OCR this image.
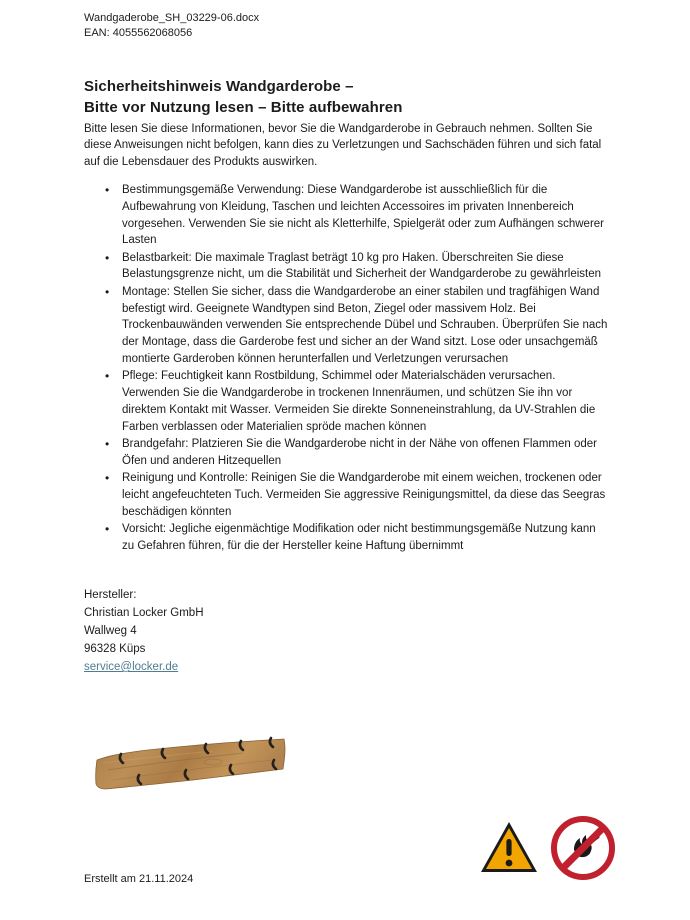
Wandgaderobe_SH_03229-06.docx
EAN: 4055562068056
Sicherheitshinweis Wandgarderobe –
Bitte vor Nutzung lesen – Bitte aufbewahren

Bitte lesen Sie diese Informationen, bevor Sie die Wandgarderobe in Gebrauch nehmen. Sollten Sie diese Anweisungen nicht befolgen, kann dies zu Verletzungen und Sachschäden führen und sich fatal auf die Lebensdauer des Produkts auswirken.

• Bestimmungsgemäße Verwendung: Diese Wandgarderobe ist ausschließlich für die Aufbewahrung von Kleidung, Taschen und leichten Accessoires im privaten Innenbereich vorgesehen. Verwenden Sie sie nicht als Kletterhilfe, Spielgerät oder zum Aufhängen schwerer Lasten
• Belastbarkeit: Die maximale Traglast beträgt 10 kg pro Haken. Überschreiten Sie diese Belastungsgrenze nicht, um die Stabilität und Sicherheit der Wandgarderobe zu gewährleisten
• Montage: Stellen Sie sicher, dass die Wandgarderobe an einer stabilen und tragfähigen Wand befestigt wird. Geeignete Wandtypen sind Beton, Ziegel oder massivem Holz. Bei Trockenbauwänden verwenden Sie entsprechende Dübel und Schrauben. Überprüfen Sie nach der Montage, dass die Garderobe fest und sicher an der Wand sitzt. Lose oder unsachgemäß montierte Garderoben können herunterfallen und Verletzungen verursachen
• Pflege: Feuchtigkeit kann Rostbildung, Schimmel oder Materialschäden verursachen. Verwenden Sie die Wandgarderobe in trockenen Innenräumen, und schützen Sie ihn vor direktem Kontakt mit Wasser. Vermeiden Sie direkte Sonneneinstrahlung, da UV-Strahlen die Farben verblassen oder Materialien spröde machen können
• Brandgefahr: Platzieren Sie die Wandgarderobe nicht in der Nähe von offenen Flammen oder Öfen und anderen Hitzequellen
• Reinigung und Kontrolle: Reinigen Sie die Wandgarderobe mit einem weichen, trockenen oder leicht angefeuchteten Tuch. Vermeiden Sie aggressive Reinigungsmittel, da diese das Seegras beschädigen könnten
• Vorsicht: Jegliche eigenmächtige Modifikation oder nicht bestimmungsgemäße Nutzung kann zu Gefahren führen, für die der Hersteller keine Haftung übernimmt
Hersteller:
Christian Locker GmbH
Wallweg 4
96328 Küps
service@locker.de
Erstellt am 21.11.2024
